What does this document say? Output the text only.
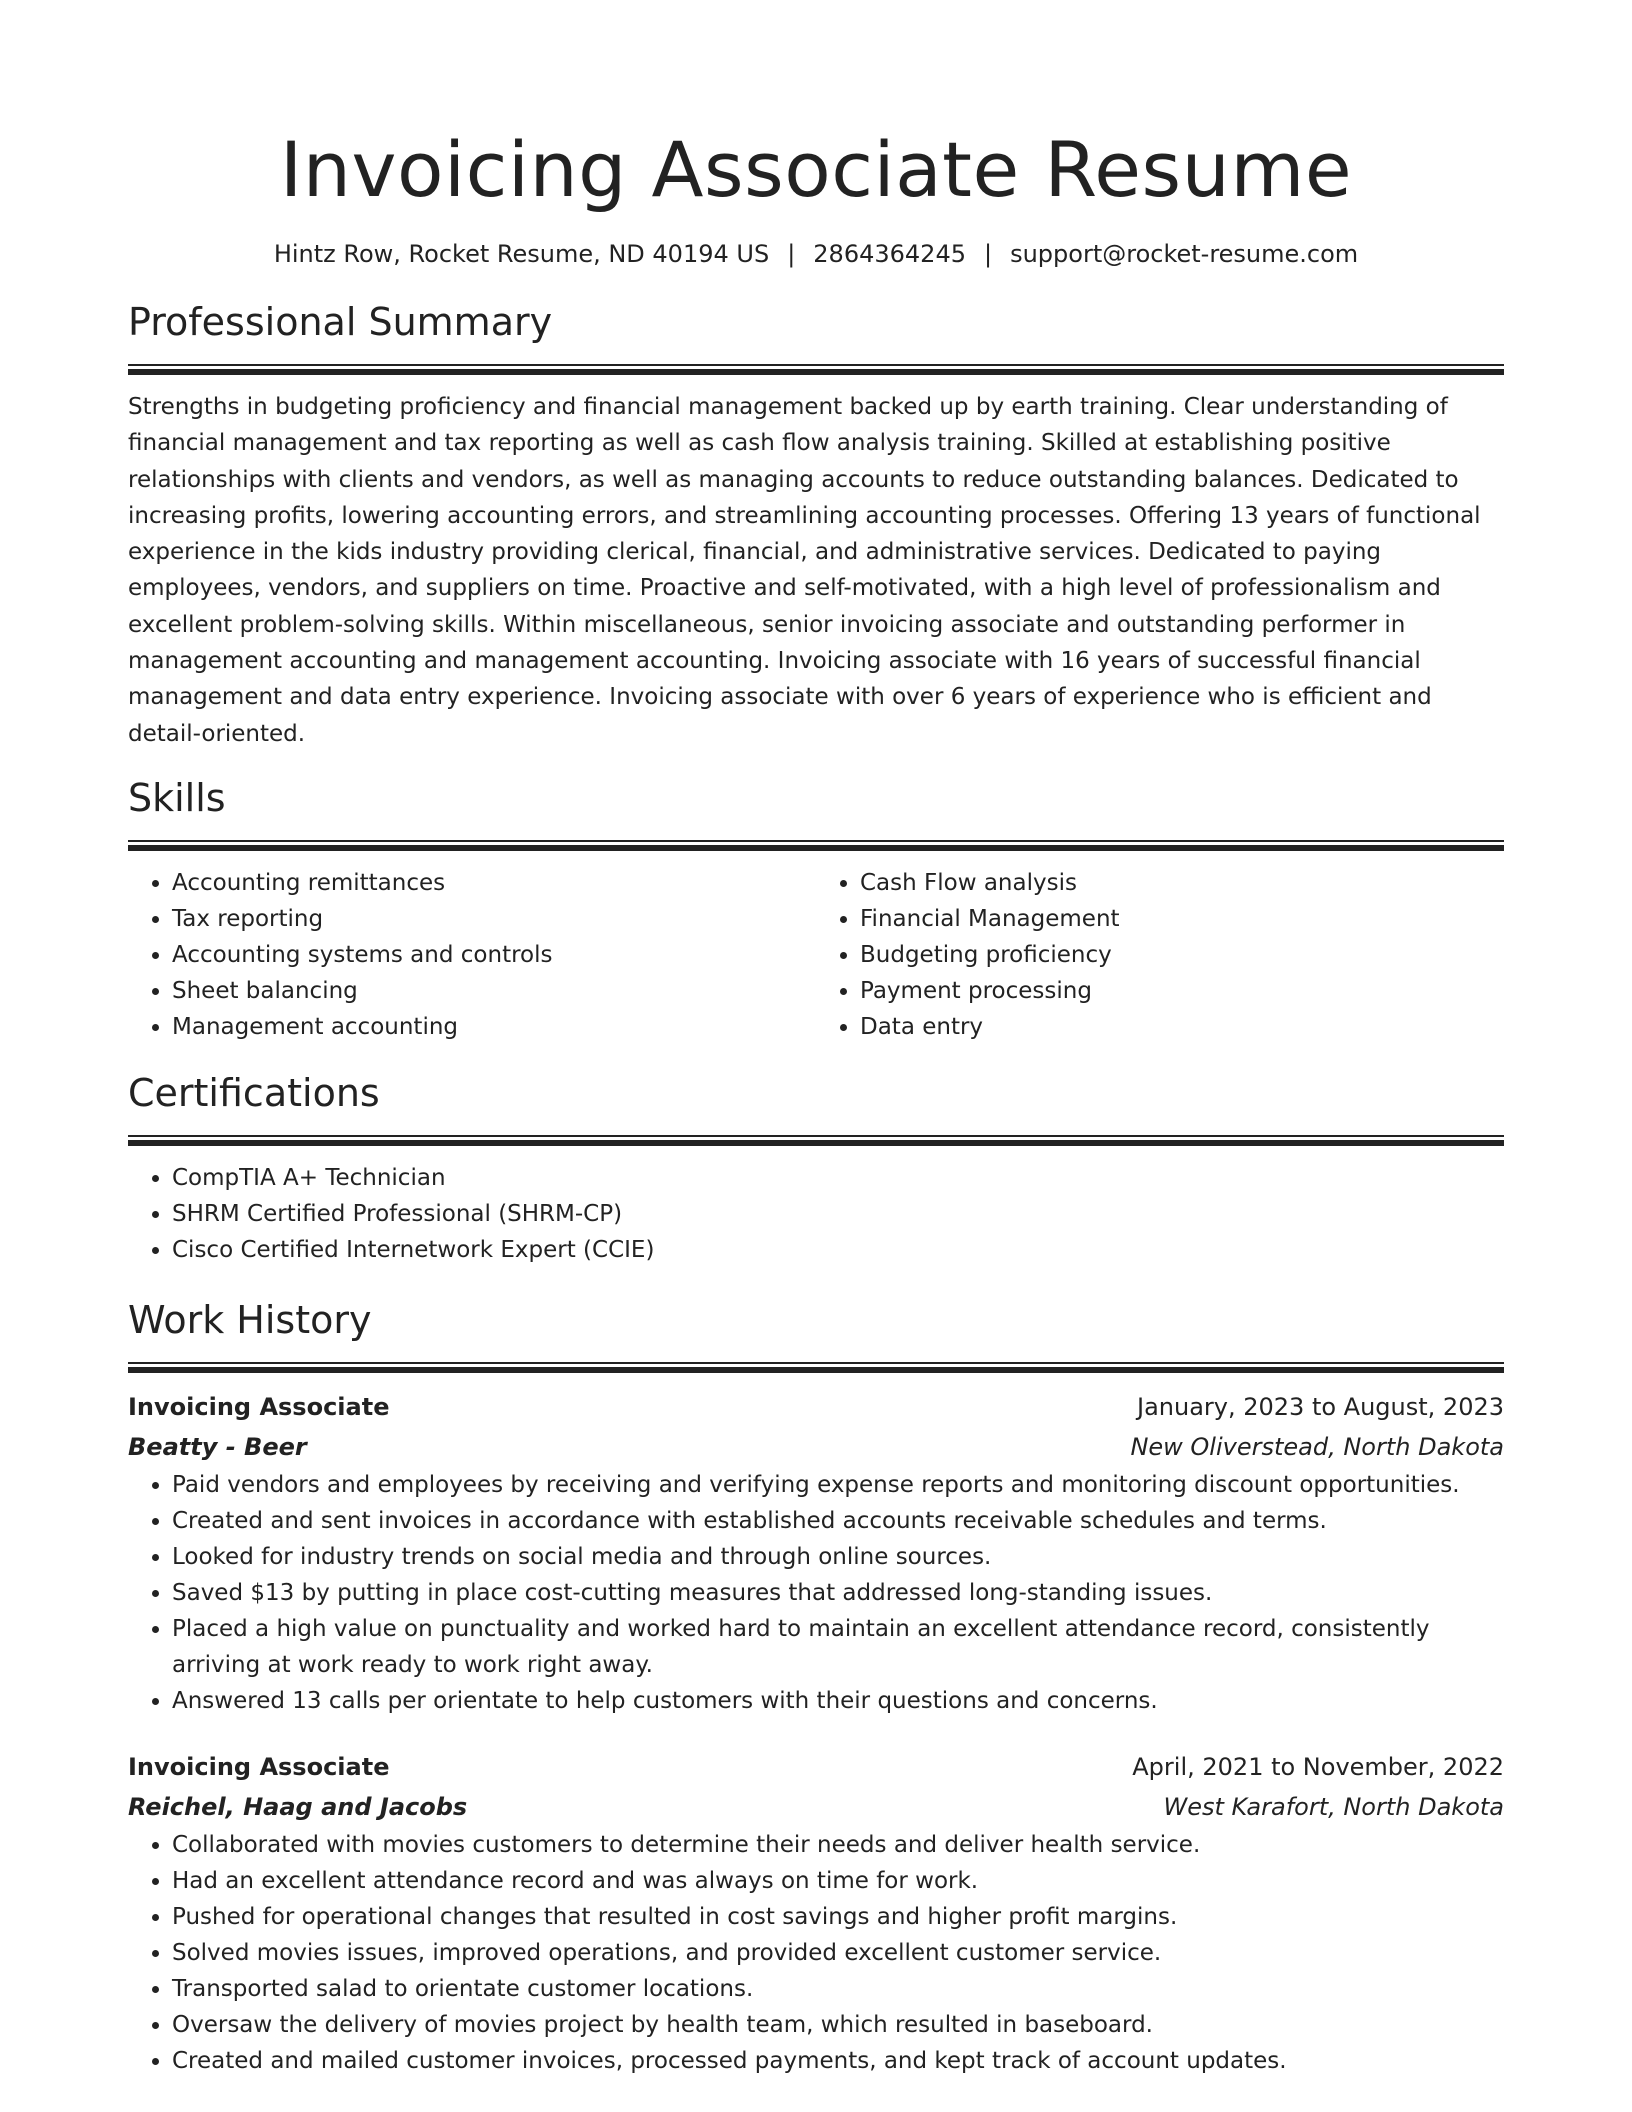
Invoicing Associate Resume
Hintz Row, Rocket Resume, ND 40194 US | 2864364245 | support@rocket-resume.com
Professional Summary

Strengths in budgeting proficiency and financial management backed up by earth training. Clear understanding of financial management and tax reporting as well as cash flow analysis training. Skilled at establishing positive relationships with clients and vendors, as well as managing accounts to reduce outstanding balances. Dedicated to increasing profits, lowering accounting errors, and streamlining accounting processes. Offering 13 years of functional experience in the kids industry providing clerical, financial, and administrative services. Dedicated to paying employees, vendors, and suppliers on time. Proactive and self-motivated, with a high level of professionalism and excellent problem-solving skills. Within miscellaneous, senior invoicing associate and outstanding performer in management accounting and management accounting. Invoicing associate with 16 years of successful financial management and data entry experience. Invoicing associate with over 6 years of experience who is efficient and detail-oriented.

Skills
• Accounting remittances
• Tax reporting
• Accounting systems and controls
• Sheet balancing
• Management accounting
• Cash Flow analysis
• Financial Management
• Budgeting proficiency
• Payment processing
• Data entry
Certifications
• CompTIA A+ Technician
• SHRM Certified Professional (SHRM-CP)
• Cisco Certified Internetwork Expert (CCIE)
Work History
Invoicing Associate	January, 2023 to August, 2023
Beatty - Beer	New Oliverstead, North Dakota
• Paid vendors and employees by receiving and verifying expense reports and monitoring discount opportunities.
• Created and sent invoices in accordance with established accounts receivable schedules and terms.
• Looked for industry trends on social media and through online sources.
• Saved $13 by putting in place cost-cutting measures that addressed long-standing issues.
• Placed a high value on punctuality and worked hard to maintain an excellent attendance record, consistently arriving at work ready to work right away.
• Answered 13 calls per orientate to help customers with their questions and concerns.
Invoicing Associate	April, 2021 to November, 2022
Reichel, Haag and Jacobs	West Karafort, North Dakota
• Collaborated with movies customers to determine their needs and deliver health service.
• Had an excellent attendance record and was always on time for work.
• Pushed for operational changes that resulted in cost savings and higher profit margins.
• Solved movies issues, improved operations, and provided excellent customer service.
• Transported salad to orientate customer locations.
• Oversaw the delivery of movies project by health team, which resulted in baseboard.
• Created and mailed customer invoices, processed payments, and kept track of account updates.
